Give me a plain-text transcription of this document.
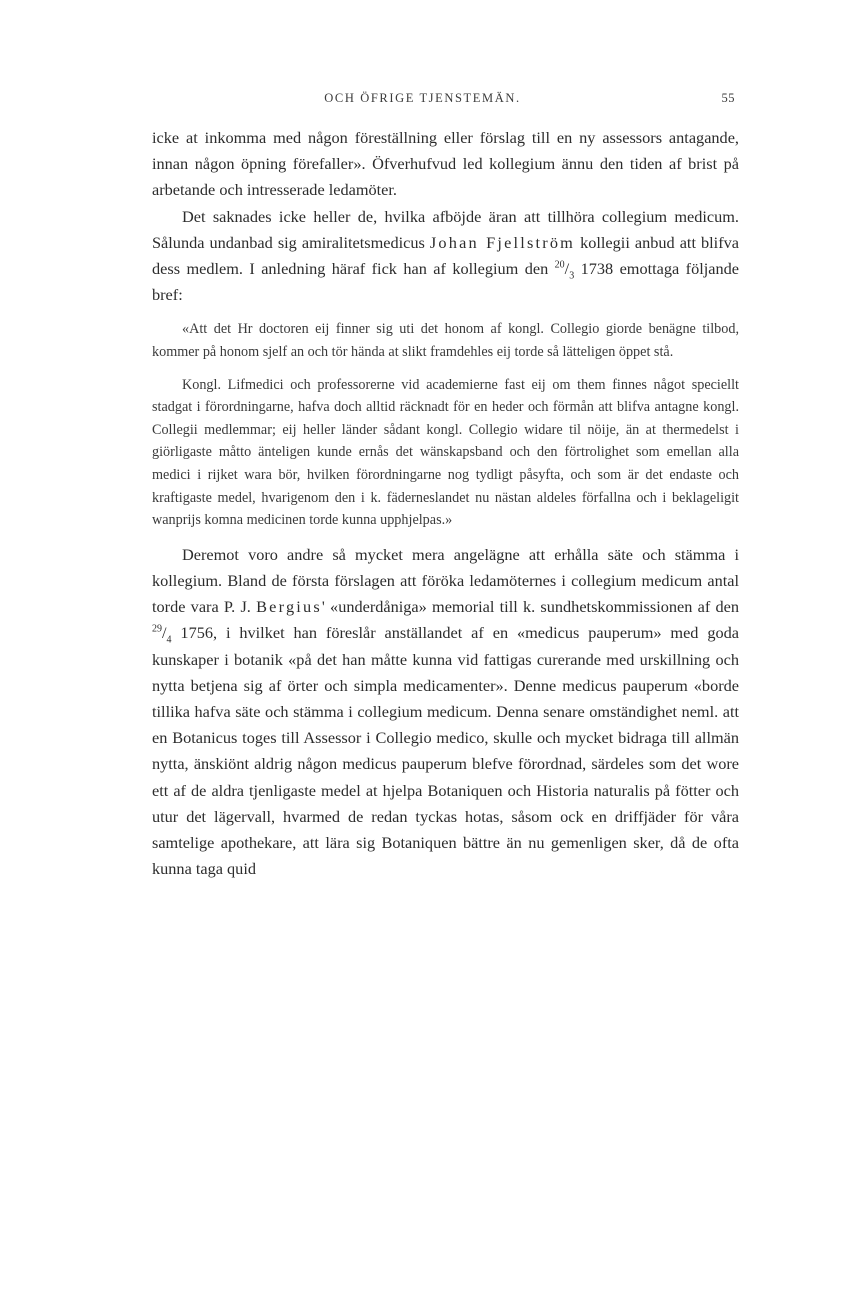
OCH ÖFRIGE TJENSTEMÄN.	55

icke at inkomma med någon föreställning eller förslag till en ny assessors antagande, innan någon öpning förefaller». Öfverhufvud led kollegium ännu den tiden af brist på arbetande och intresserade ledamöter.

Det saknades icke heller de, hvilka afböjde äran att tillhöra collegium medicum. Sålunda undanbad sig amiralitetsmedicus Johan Fjellström kollegii anbud att blifva dess medlem. I anledning häraf fick han af kollegium den $^{20}/_3$ 1738 emottaga följande bref:

«Att det Hr doctoren eij finner sig uti det honom af kongl. Collegio giorde benägne tilbod, kommer på honom sjelf an och tör hända at slikt framdehles eij torde så lätteligen öppet stå.

Kongl. Lifmedici och professorerne vid academierne fast eij om them finnes något speciellt stadgat i förordningarne, hafva doch alltid räcknadt för en heder och förmån att blifva antagne kongl. Collegii medlemmar; eij heller länder sådant kongl. Collegio widare til nöije, än at thermedelst i giörligaste måtto änteligen kunde ernås det wänskapsband och den förtrolighet som emellan alla medici i rijket wara bör, hvilken förordningarne nog tydligt påsyfta, och som är det endaste och kraftigaste medel, hvarigenom den i k. fäderneslandet nu nästan aldeles förfallna och i beklageligit wanprijs komna medicinen torde kunna upphjelpas.»

Deremot voro andre så mycket mera angelägne att erhålla säte och stämma i kollegium. Bland de första förslagen att föröka ledamöternes i collegium medicum antal torde vara P. J. Bergius' «underdåniga» memorial till k. sundhetskommissionen af den $^{29}/_4$ 1756, i hvilket han föreslår anställandet af en «medicus pauperum» med goda kunskaper i botanik «på det han måtte kunna vid fattigas curerande med urskillning och nytta betjena sig af örter och simpla medicamenter». Denne medicus pauperum «borde tillika hafva säte och stämma i collegium medicum. Denna senare omständighet neml. att en Botanicus toges till Assessor i Collegio medico, skulle och mycket bidraga till allmän nytta, änskiönt aldrig någon medicus pauperum blefve förordnad, särdeles som det wore ett af de aldra tjenligaste medel at hjelpa Botaniquen och Historia naturalis på fötter och utur det lägervall, hvarmed de redan tyckas hotas, såsom ock en driffjäder för våra samtelige apothekare, att lära sig Botaniquen bättre än nu gemenligen sker, då de ofta kunna taga quid
